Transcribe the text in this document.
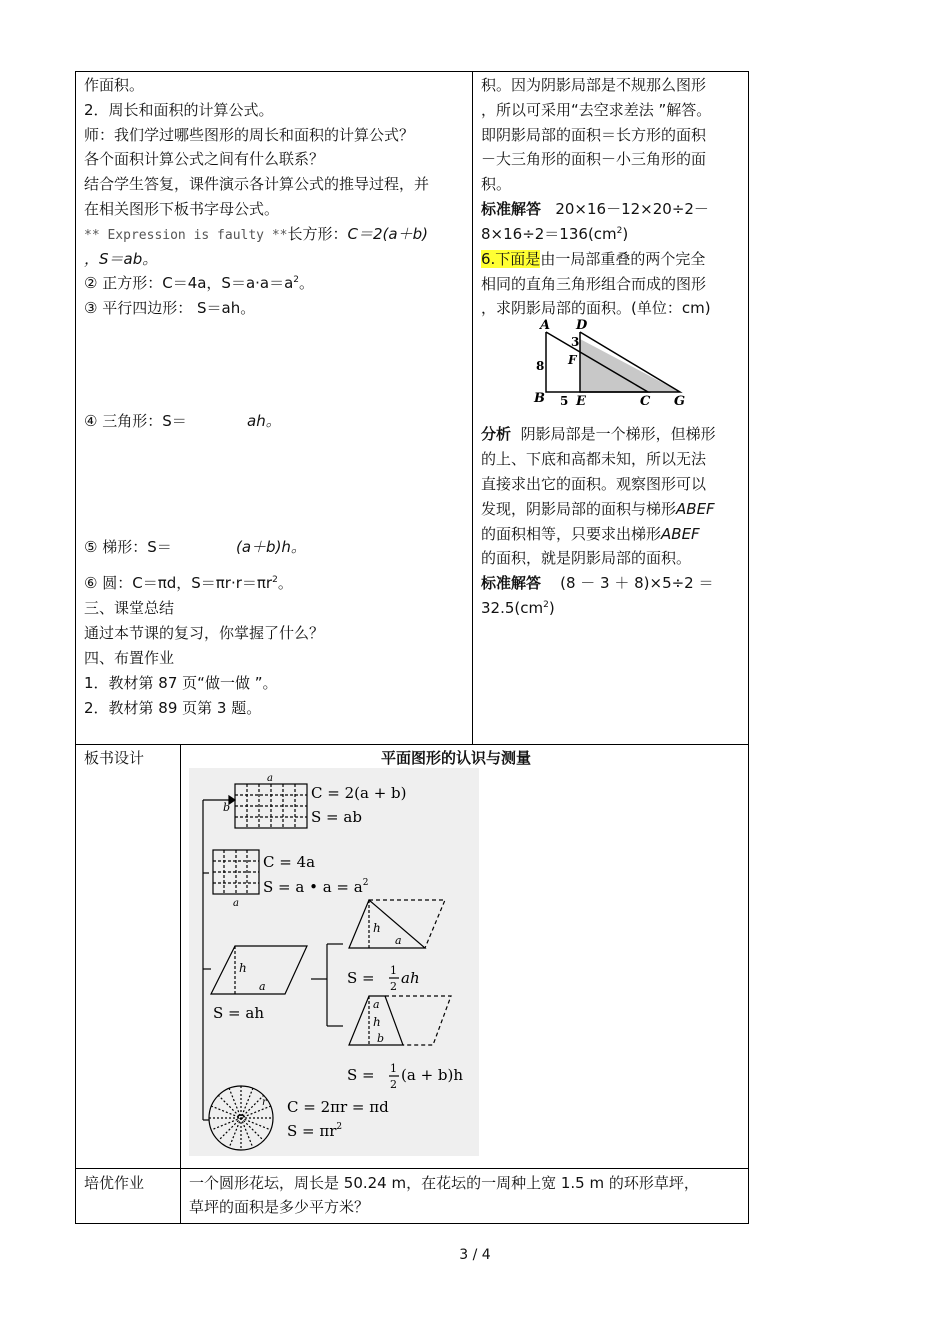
作面积。
2．周长和面积的计算公式。
师：我们学过哪些图形的周长和面积的计算公式？
各个面积计算公式之间有什么联系？
结合学生答复，课件演示各计算公式的推导过程，并
在相关图形下板书字母公式。
** Expression is faulty **长方形：C＝2(a＋b)
，S＝ab。
② 正方形：C＝4a，$S=a\cdot a=a^2$。
③ 平行四边形： S＝ah。
④ 三角形：S＝	ah。
⑤ 梯形：S＝	(a＋b)h。
⑥ 圆：C＝πd，$S=\pi r\cdot r=\pi r^2$。
三、课堂总结
通过本节课的复习，你掌握了什么？
四、布置作业
1．教材第 87 页“做一做 ”。
2．教材第 89 页第 3 题。
积。因为阴影局部是不规那么图形
，所以可采用“去空求差法 ”解答。
即阴影局部的面积＝长方形的面积
－大三角形的面积－小三角形的面
积。
标准解答 20×16－12×20÷2－
$8\times 16\div 2=136(cm^2)$
6.下面是由一局部重叠的两个完全
相同的直角三角形组合而成的图形
，求阴影局部的面积。(单位：cm)
A D
3
F
8
B 5 E	C G
分析 阴影局部是一个梯形，但梯形
的上、下底和高都未知，所以无法
直接求出它的面积。观察图形可以
发现，阴影局部的面积与梯形ABEF
的面积相等，只要求出梯形ABEF
的面积，就是阴影局部的面积。
标准解答 (8 － 3 ＋ 8)×5÷2 ＝
$32.5(cm^2)$
板书设计	平面图形的认识与测量
a
b
C = 2(a + b)
S = ab
C = 4a
S = a • $a = a^2$
a
h
a
S = ah
h
a
S = 1
2 ah
a
h
b
S = 1
2
(a + b)h
r C = 2πr = πd
$S = \pi r^2$
培优作业	一个圆形花坛，周长是 50.24 m，在花坛的一周种上宽 1.5 m 的环形草坪，
草坪的面积是多少平方米？
3 / 4
